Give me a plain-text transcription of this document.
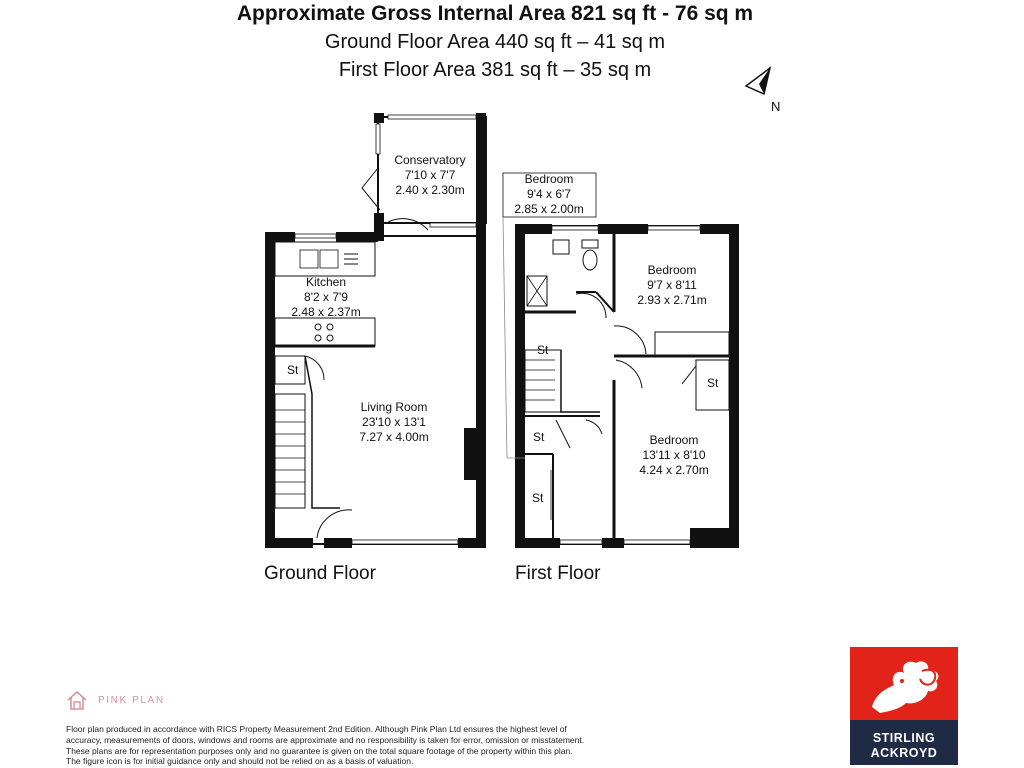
Approximate Gross Internal Area 821 sq ft - 76 sq m
Ground Floor Area 440 sq ft – 41 sq m
First Floor Area 381 sq ft – 35 sq m
N
St
St
St
St
St
Conservatory
7'10 x 7'7
2.40 x 2.30m
Kitchen
8'2 x 7'9
2.48 x 2.37m
Living Room
23'10 x 13'1
7.27 x 4.00m
Bedroom
9'4 x 6'7
2.85 x 2.00m
Bedroom
9'7 x 8'11
2.93 x 2.71m
Bedroom
13'11 x 8'10
4.24 x 2.70m
Ground Floor	First Floor
PINK PLAN
Floor plan produced in accordance with RICS Property Measurement 2nd Edition. Although Pink Plan Ltd ensures the highest level of accuracy, measurements of doors, windows and rooms are approximate and no responsibility is taken for error, omission or misstatement. These plans are for representation purposes only and no guarantee is given on the total square footage of the property within this plan. The figure icon is for initial guidance only and should not be relied on as a basis of valuation.
STIRLING
ACKROYD
